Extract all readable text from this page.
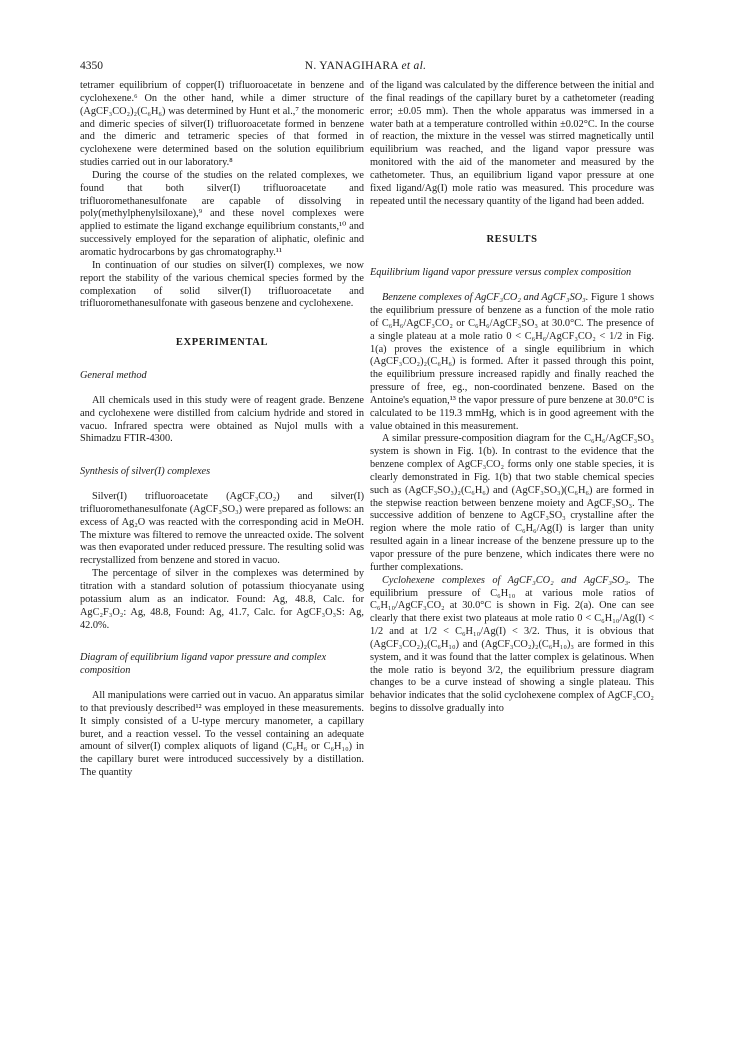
4350	N. YANAGIHARA et al.

tetramer equilibrium of copper(I) trifluoroacetate in benzene and cyclohexene.⁶ On the other hand, while a dimer structure of (AgCF₃CO₂)₂(C₆H₆) was determined by Hunt et al.,⁷ the monomeric and dimeric species of silver(I) trifluoroacetate formed in benzene and the dimeric and tetrameric species of that formed in cyclohexene were determined based on the solution equilibrium studies carried out in our laboratory.⁸

During the course of the studies on the related complexes, we found that both silver(I) trifluoroacetate and trifluoromethanesulfonate are capable of dissolving in poly(methylphenylsiloxane),⁹ and these novel complexes were applied to estimate the ligand exchange equilibrium constants,¹⁰ and successively employed for the separation of aliphatic, olefinic and aromatic hydrocarbons by gas chromatography.¹¹

In continuation of our studies on silver(I) complexes, we now report the stability of the various chemical species formed by the complexation of solid silver(I) trifluoroacetate and trifluoromethanesulfonate with gaseous benzene and cyclohexene.

EXPERIMENTAL
General method

All chemicals used in this study were of reagent grade. Benzene and cyclohexene were distilled from calcium hydride and stored in vacuo. Infrared spectra were obtained as Nujol mulls with a Shimadzu FTIR-4300.

Synthesis of silver(I) complexes

Silver(I) trifluoroacetate (AgCF₃CO₂) and silver(I) trifluoromethanesulfonate (AgCF₃SO₃) were prepared as follows: an excess of Ag₂O was reacted with the corresponding acid in MeOH. The mixture was filtered to remove the unreacted oxide. The solvent was then evaporated under reduced pressure. The resulting solid was recrystallized from benzene and stored in vacuo.

The percentage of silver in the complexes was determined by titration with a standard solution of potassium thiocyanate using potassium alum as an indicator. Found: Ag, 48.8, Calc. for AgC₂F₃O₂: Ag, 48.8, Found: Ag, 41.7, Calc. for AgCF₃O₃S: Ag, 42.0%.

Diagram of equilibrium ligand vapor pressure and complex composition

All manipulations were carried out in vacuo. An apparatus similar to that previously described¹² was employed in these measurements. It simply consisted of a U-type mercury manometer, a capillary buret, and a reaction vessel. To the vessel containing an adequate amount of silver(I) complex aliquots of ligand (C₆H₆ or C₆H₁₀) in the capillary buret were introduced successively by a distillation. The quantity

of the ligand was calculated by the difference between the initial and the final readings of the capillary buret by a cathetometer (reading error; ±0.05 mm). Then the whole apparatus was immersed in a water bath at a temperature controlled within ±0.02°C. In the course of reaction, the mixture in the vessel was stirred magnetically until equilibrium was reached, and the ligand vapor pressure was monitored with the aid of the manometer and measured by the cathetometer. Thus, an equilibrium ligand vapor pressure at one fixed ligand/Ag(I) mole ratio was measured. This procedure was repeated until the necessary quantity of the ligand had been added.

RESULTS
Equilibrium ligand vapor pressure versus complex composition

Benzene complexes of AgCF₃CO₂ and AgCF₃SO₃. Figure 1 shows the equilibrium pressure of benzene as a function of the mole ratio of C₆H₆/AgCF₃CO₂ or C₆H₆/AgCF₃SO₃ at 30.0°C. The presence of a single plateau at a mole ratio 0 < C₆H₆/AgCF₃CO₂ < 1/2 in Fig. 1(a) proves the existence of a single equilibrium in which (AgCF₃CO₂)₂(C₆H₆) is formed. After it passed through this point, the equilibrium pressure increased rapidly and finally reached the pressure of free, eg., non-coordinated benzene. Based on the Antoine's equation,¹³ the vapor pressure of pure benzene at 30.0°C is calculated to be 119.3 mmHg, which is in good agreement with the value obtained in this measurement.

A similar pressure-composition diagram for the C₆H₆/AgCF₃SO₃ system is shown in Fig. 1(b). In contrast to the evidence that the benzene complex of AgCF₃CO₂ forms only one stable species, it is clearly demonstrated in Fig. 1(b) that two stable chemical species such as (AgCF₃SO₃)₂(C₆H₆) and (AgCF₃SO₃)(C₆H₆) are formed in the stepwise reaction between benzene moiety and AgCF₃SO₃. The successive addition of benzene to AgCF₃SO₃ crystalline after the region where the mole ratio of C₆H₆/Ag(I) is larger than unity resulted again in a linear increase of the benzene pressure up to the vapor pressure of the pure benzene, which indicates there were no further complexations.

Cyclohexene complexes of AgCF₃CO₂ and AgCF₃SO₃. The equilibrium pressure of C₆H₁₀ at various mole ratios of C₆H₁₀/AgCF₃CO₂ at 30.0°C is shown in Fig. 2(a). One can see clearly that there exist two plateaus at mole ratio 0 < C₆H₁₀/Ag(I) < 1/2 and at 1/2 < C₆H₁₀/Ag(I) < 3/2. Thus, it is obvious that (AgCF₃CO₂)₂(C₆H₁₀) and (AgCF₃CO₂)₂(C₆H₁₀)₃ are formed in this system, and it was found that the latter complex is gelatinous. When the mole ratio is beyond 3/2, the equilibrium pressure diagram changes to be a curve instead of showing a single plateau. This behavior indicates that the solid cyclohexene complex of AgCF₃CO₂ begins to dissolve gradually into
